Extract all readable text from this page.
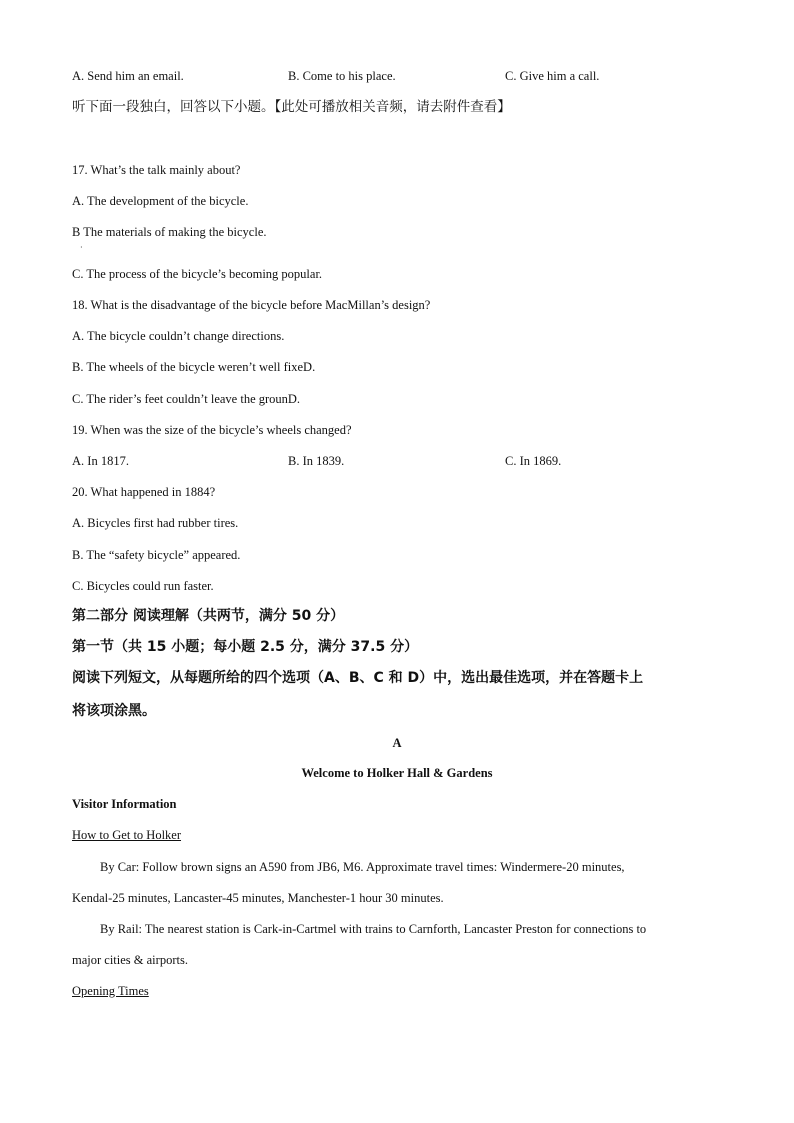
A. Send him an email.	B. Come to his place.	C. Give him a call.
听下面一段独白，回答以下小题。【此处可播放相关音频，请去附件查看】
17. What’s the talk mainly about?
A. The development of the bicycle.
B The materials of making the bicycle.
·
C. The process of the bicycle’s becoming popular.
18. What is the disadvantage of the bicycle before MacMillan’s design?
A. The bicycle couldn’t change directions.
B. The wheels of the bicycle weren’t well fixeD.
C. The rider’s feet couldn’t leave the grounD.
19. When was the size of the bicycle’s wheels changed?
A. In 1817.	B. In 1839.	C. In 1869.
20. What happened in 1884?
A. Bicycles first had rubber tires.
B. The “safety bicycle” appeared.
C. Bicycles could run faster.
第二部分 阅读理解（共两节，满分 50 分）
第一节（共 15 小题；每小题 2.5 分，满分 37.5 分）
阅读下列短文，从每题所给的四个选项（A、B、C 和 D）中，选出最佳选项，并在答题卡上
将该项涂黑。
A
Welcome to Holker Hall & Gardens
Visitor Information
How to Get to Holker
By Car: Follow brown signs an A590 from JB6, M6. Approximate travel times: Windermere-20 minutes,
Kendal-25 minutes, Lancaster-45 minutes, Manchester-1 hour 30 minutes.
By Rail: The nearest station is Cark-in-Cartmel with trains to Carnforth, Lancaster Preston for connections to
major cities & airports.
Opening Times
